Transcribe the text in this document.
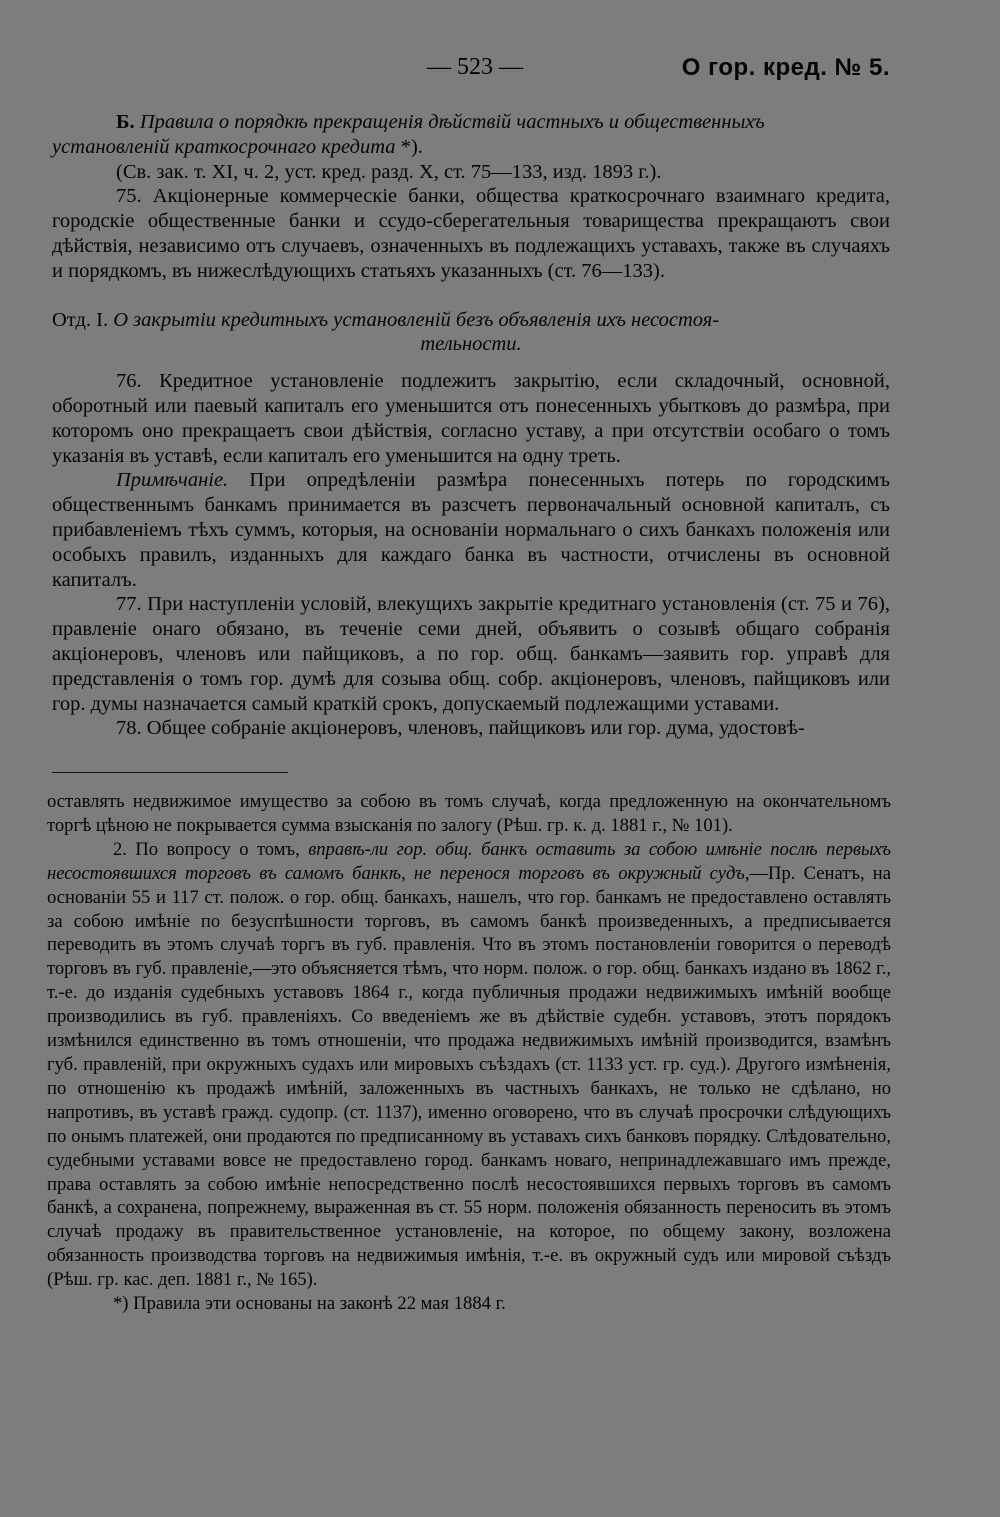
— 523 —	О гор. кред. № 5.

Б. Правила о порядкѣ прекращенія дѣйствій частныхъ и общественныхъ

установленій краткосрочнаго кредита *).

(Св. зак. т. XI, ч. 2, уст. кред. разд. X, ст. 75—133, изд. 1893 г.).

75. Акціонерные коммерческіе банки, общества краткосрочнаго взаимнаго кредита, городскіе общественные банки и ссудо-сберегательныя товарищества прекращаютъ свои дѣйствія, независимо отъ случаевъ, означенныхъ въ подлежащихъ уставахъ, также въ случаяхъ и порядкомъ, въ нижеслѣдующихъ статьяхъ указанныхъ (ст. 76—133).

Отд. I. О закрытіи кредитныхъ установленій безъ объявленія ихъ несостоя-

тельности.

76. Кредитное установленіе подлежитъ закрытію, если складочный, основной, оборотный или паевый капиталъ его уменьшится отъ понесенныхъ убытковъ до размѣра, при которомъ оно прекращаетъ свои дѣйствія, согласно уставу, а при отсутствіи особаго о томъ указанія въ уставѣ, если капиталъ его уменьшится на одну треть.

Примѣчаніе. При опредѣленіи размѣра понесенныхъ потерь по городскимъ общественнымъ банкамъ принимается въ разсчетъ первоначальный основной капиталъ, съ прибавленіемъ тѣхъ суммъ, которыя, на основаніи нормальнаго о сихъ банкахъ положенія или особыхъ правилъ, изданныхъ для каждаго банка въ частности, отчислены въ основной капиталъ.

77. При наступленіи условій, влекущихъ закрытіе кредитнаго установленія (ст. 75 и 76), правленіе онаго обязано, въ теченіе семи дней, объявить о созывѣ общаго собранія акціонеровъ, членовъ или пайщиковъ, а по гор. общ. банкамъ—заявить гор. управѣ для представленія о томъ гор. думѣ для созыва общ. собр. акціонеровъ, членовъ, пайщиковъ или гор. думы назначается самый краткій срокъ, допускаемый подлежащими уставами.

78. Общее собраніе акціонеровъ, членовъ, пайщиковъ или гор. дума, удостовѣ-

оставлять недвижимое имущество за собою въ томъ случаѣ, когда предложенную на окончательномъ торгѣ цѣною не покрывается сумма взысканія по залогу (Рѣш. гр. к. д. 1881 г., № 101).

2. По вопросу о томъ, вправѣ-ли гор. общ. банкъ оставить за собою имѣніе послѣ первыхъ несостоявшихся торговъ въ самомъ банкѣ, не перенося торговъ въ окружный судъ,—Пр. Сенатъ, на основаніи 55 и 117 ст. полож. о гор. общ. банкахъ, нашелъ, что гор. банкамъ не предоставлено оставлять за собою имѣніе по безуспѣшности торговъ, въ самомъ банкѣ произведенныхъ, а предписывается переводить въ этомъ случаѣ торгъ въ губ. правленія. Что въ этомъ постановленіи говорится о переводѣ торговъ въ губ. правленіе,—это объясняется тѣмъ, что норм. полож. о гор. общ. банкахъ издано въ 1862 г., т.-е. до изданія судебныхъ уставовъ 1864 г., когда публичныя продажи недвижимыхъ имѣній вообще производились въ губ. правленіяхъ. Со введеніемъ же въ дѣйствіе судебн. уставовъ, этотъ порядокъ измѣнился единственно въ томъ отношеніи, что продажа недвижимыхъ имѣній производится, взамѣнъ губ. правленій, при окружныхъ судахъ или мировыхъ съѣздахъ (ст. 1133 уст. гр. суд.). Другого измѣненія, по отношенію къ продажѣ имѣній, заложенныхъ въ частныхъ банкахъ, не только не сдѣлано, но напротивъ, въ уставѣ гражд. судопр. (ст. 1137), именно оговорено, что въ случаѣ просрочки слѣдующихъ по онымъ платежей, они продаются по предписанному въ уставахъ сихъ банковъ порядку. Слѣдовательно, судебными уставами вовсе не предоставлено город. банкамъ новаго, непринадлежавшаго имъ прежде, права оставлять за собою имѣніе непосредственно послѣ несостоявшихся первыхъ торговъ въ самомъ банкѣ, а сохранена, попрежнему, выраженная въ ст. 55 норм. положенія обязанность переносить въ этомъ случаѣ продажу въ правительственное установленіе, на которое, по общему закону, возложена обязанность производства торговъ на недвижимыя имѣнія, т.-е. въ окружный судъ или мировой съѣздъ (Рѣш. гр. кас. деп. 1881 г., № 165).

*) Правила эти основаны на законѣ 22 мая 1884 г.
